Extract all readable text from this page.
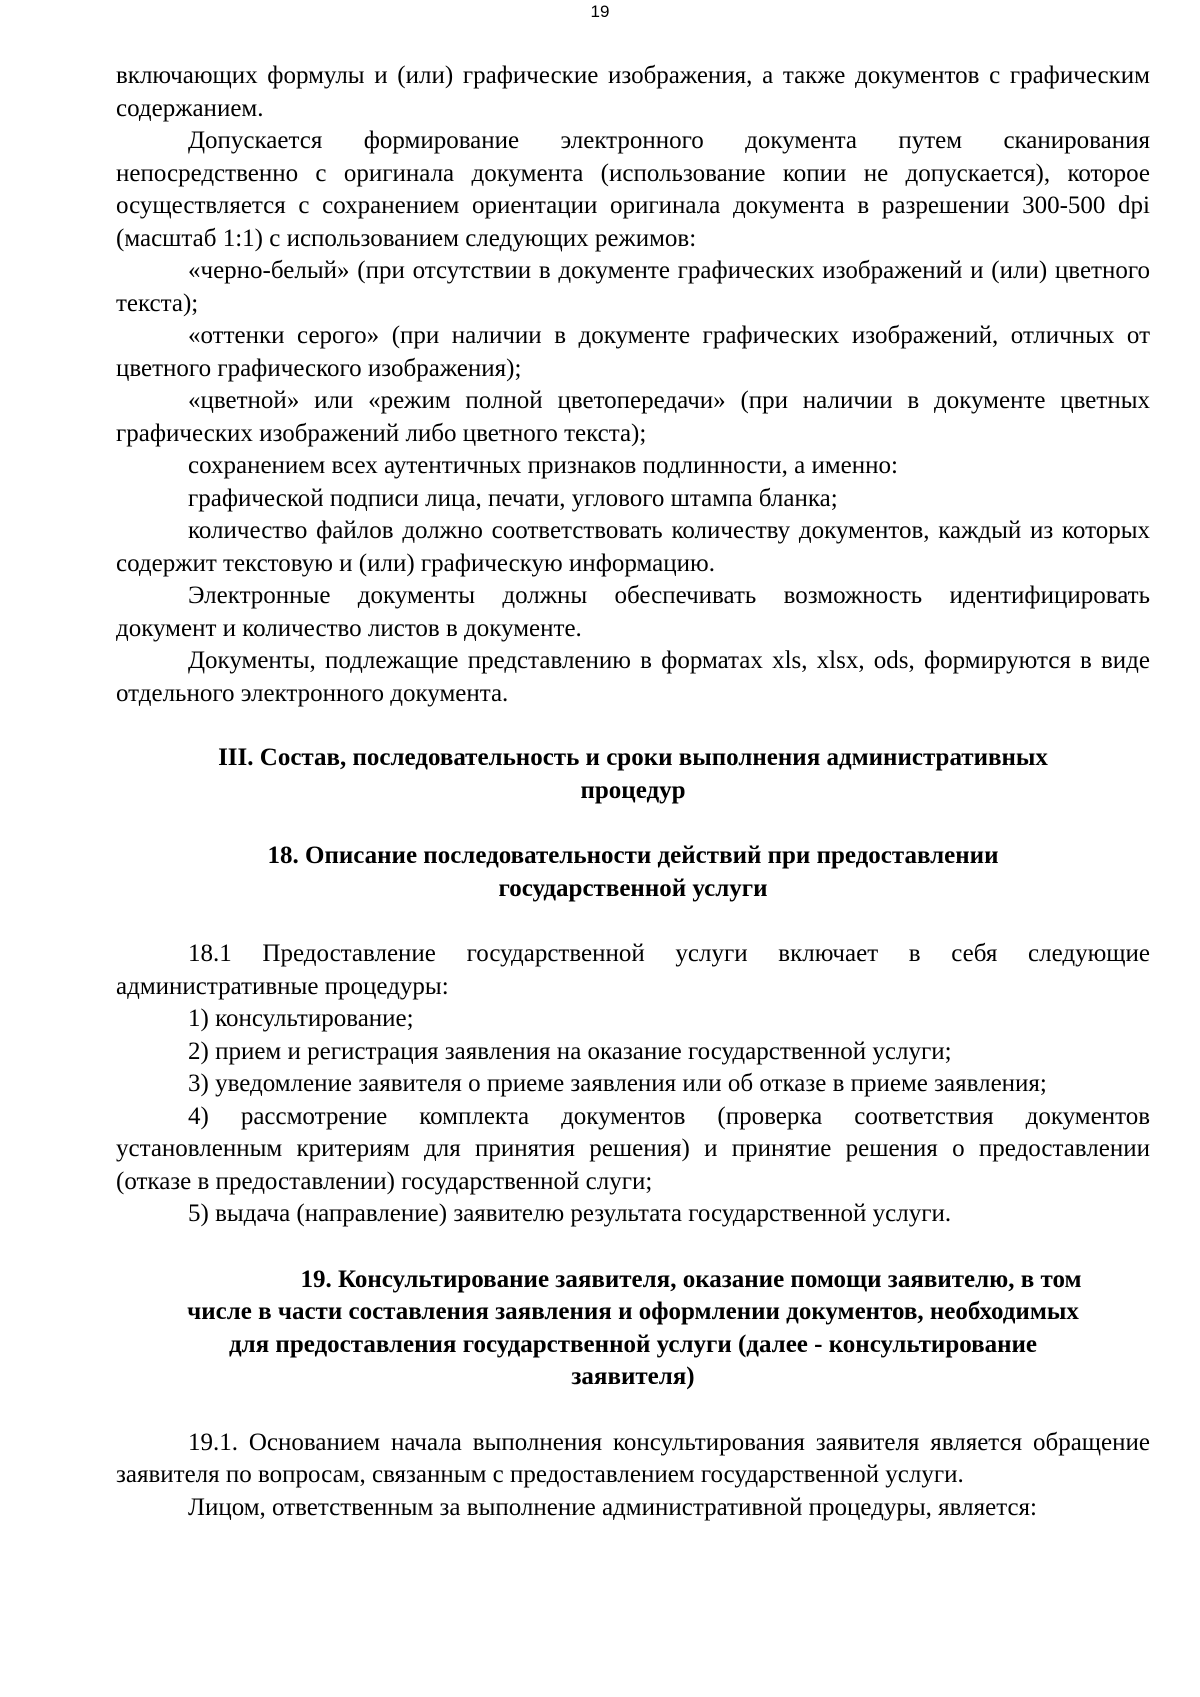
19

включающих формулы и (или) графические изображения, а также документов с графическим содержанием.

Допускается формирование электронного документа путем сканирования непосредственно с оригинала документа (использование копии не допускается), которое осуществляется с сохранением ориентации оригинала документа в разрешении 300-500 dpi (масштаб 1:1) с использованием следующих режимов:

«черно-белый» (при отсутствии в документе графических изображений и (или) цветного текста);

«оттенки серого» (при наличии в документе графических изображений, отличных от цветного графического изображения);

«цветной» или «режим полной цветопередачи» (при наличии в документе цветных графических изображений либо цветного текста);

сохранением всех аутентичных признаков подлинности, а именно:

графической подписи лица, печати, углового штампа бланка;

количество файлов должно соответствовать количеству документов, каждый из которых содержит текстовую и (или) графическую информацию.

Электронные документы должны обеспечивать возможность идентифицировать документ и количество листов в документе.

Документы, подлежащие представлению в форматах xls, xlsx, ods, формируются в виде отдельного электронного документа.

III. Состав, последовательность и сроки выполнения административных
процедур
18. Описание последовательности действий при предоставлении
государственной услуги

18.1 Предоставление государственной услуги включает в себя следующие административные процедуры:

1) консультирование;

2) прием и регистрация заявления на оказание государственной услуги;

3) уведомление заявителя о приеме заявления или об отказе в приеме заявления;

4) рассмотрение комплекта документов (проверка соответствия документов установленным критериям для принятия решения) и принятие решения о предоставлении (отказе в предоставлении) государственной слуги;

5) выдача (направление) заявителю результата государственной услуги.

19. Консультирование заявителя, оказание помощи заявителю, в том
числе в части составления заявления и оформлении документов, необходимых
для предоставления государственной услуги (далее - консультирование
заявителя)

19.1. Основанием начала выполнения консультирования заявителя является обращение заявителя по вопросам, связанным с предоставлением государственной услуги.

Лицом, ответственным за выполнение административной процедуры, является:
